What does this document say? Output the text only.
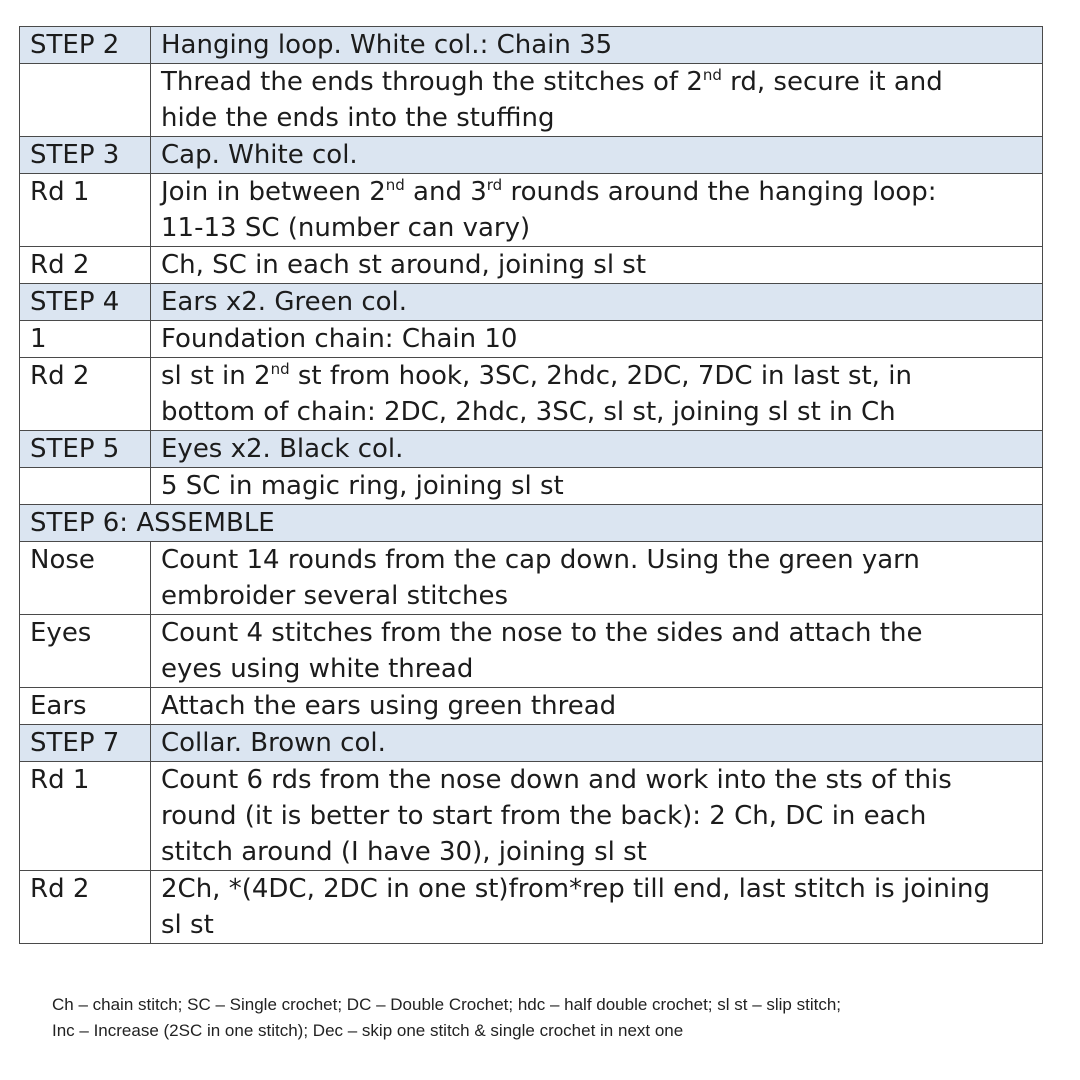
STEP 2	Hanging loop. White col.: Chain 35

	Thread the ends through the stitches of 2nd rd, secure it and
hide the ends into the stuffing

STEP 3	Cap. White col.

Rd 1	Join in between 2nd and 3rd rounds around the hanging loop:
11-13 SC (number can vary)

Rd 2	Ch, SC in each st around, joining sl st

STEP 4	Ears x2. Green col.

1	Foundation chain: Chain 10

Rd 2	sl st in 2nd st from hook, 3SC, 2hdc, 2DC, 7DC in last st, in
bottom of chain: 2DC, 2hdc, 3SC, sl st, joining sl st in Ch

STEP 5	Eyes x2. Black col.

	5 SC in magic ring, joining sl st

STEP 6: ASSEMBLE	
Nose	Count 14 rounds from the cap down. Using the green yarn
embroider several stitches

Eyes	Count 4 stitches from the nose to the sides and attach the
eyes using white thread

Ears	Attach the ears using green thread

STEP 7	Collar. Brown col.

Rd 1	Count 6 rds from the nose down and work into the sts of this
round (it is better to start from the back): 2 Ch, DC in each
stitch around (I have 30), joining sl st

Rd 2	2Ch, *(4DC, 2DC in one st)from*rep till end, last stitch is joining
sl st
Ch – chain stitch; SC – Single crochet; DC – Double Crochet; hdc – half double crochet; sl st – slip stitch;
Inc – Increase (2SC in one stitch); Dec – skip one stitch & single crochet in next one
